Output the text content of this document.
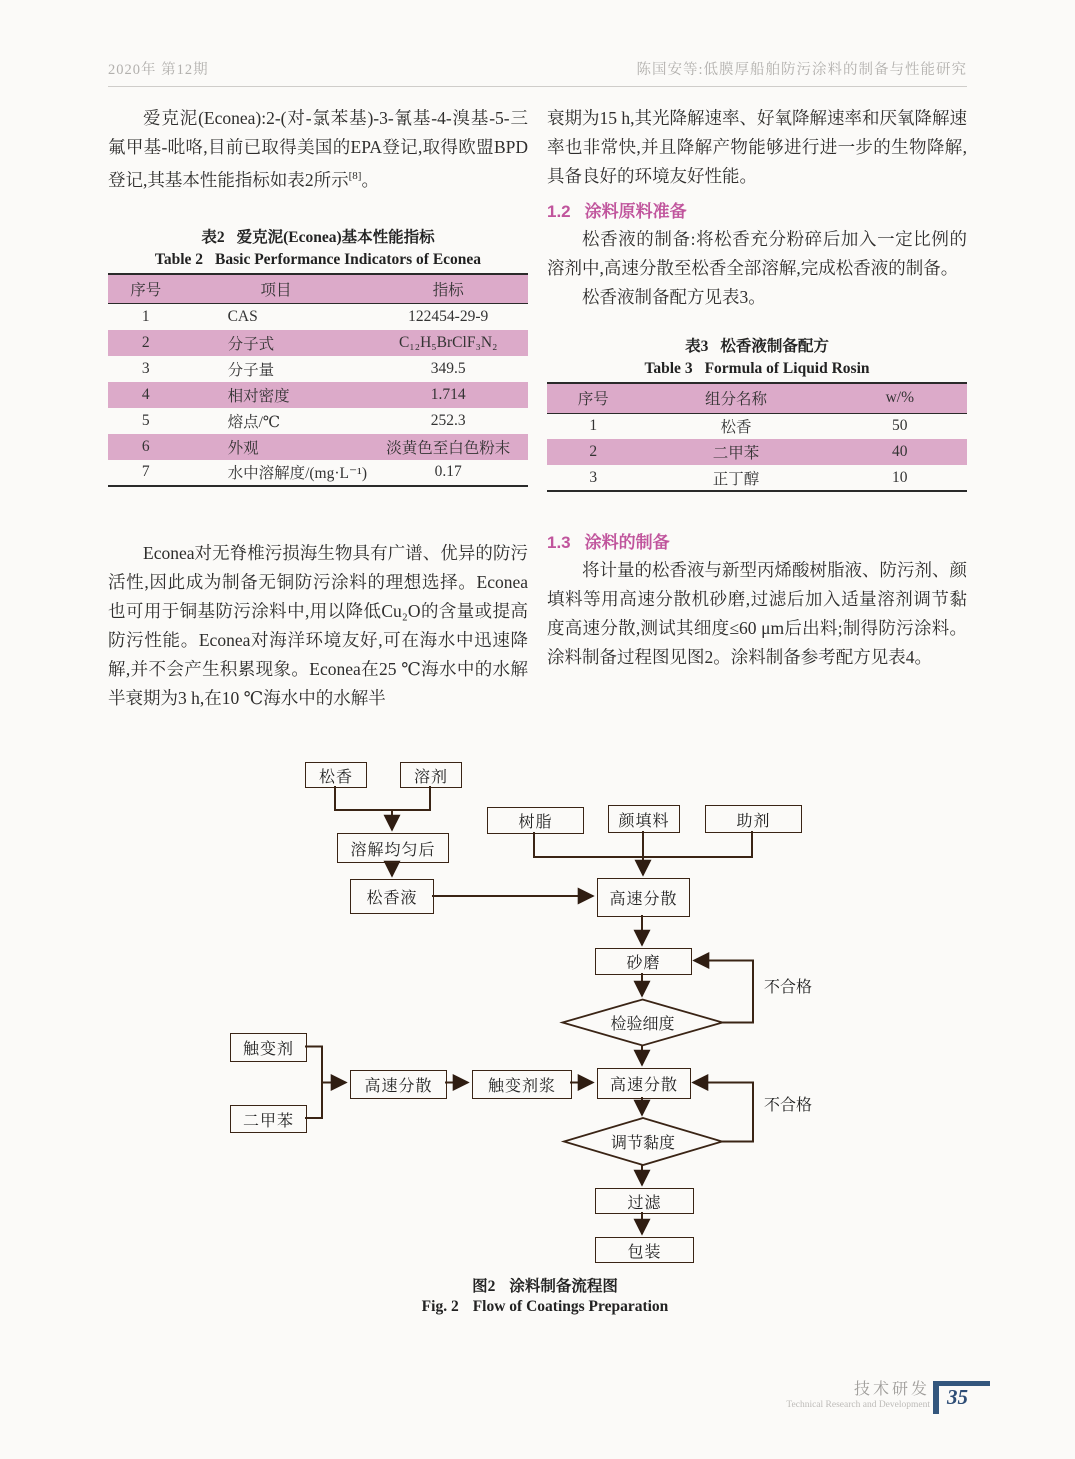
2020年 第12期	陈国安等:低膜厚船舶防污涂料的制备与性能研究

爱克泥(Econea):2-(对-氯苯基)-3-氰基-4-溴基-5-三氟甲基-吡咯,目前已取得美国的EPA登记,取得欧盟BPD登记,其基本性能指标如表2所示[8]。

表2 爱克泥(Econea)基本性能指标
Table 2 Basic Performance Indicators of Econea
序号	项目	指标
1	CAS	122454-29-9
2	分子式	C₁₂H₅BrClF₃N₂
3	分子量	349.5
4	相对密度	1.714
5	熔点/℃	252.3
6	外观	淡黄色至白色粉末
7	水中溶解度/(mg·L⁻¹)	0.17

Econea对无脊椎污损海生物具有广谱、优异的防污活性,因此成为制备无铜防污涂料的理想选择。Econea也可用于铜基防污涂料中,用以降低Cu₂O的含量或提高防污性能。Econea对海洋环境友好,可在海水中迅速降解,并不会产生积累现象。Econea在25 ℃海水中的水解半衰期为3 h,在10 ℃海水中的水解半

衰期为15 h,其光降解速率、好氧降解速率和厌氧降解速率也非常快,并且降解产物能够进行进一步的生物降解,具备良好的环境友好性能。

1.2 涂料原料准备

松香液的制备:将松香充分粉碎后加入一定比例的溶剂中,高速分散至松香全部溶解,完成松香液的制备。

松香液制备配方见表3。

表3 松香液制备配方
Table 3 Formula of Liquid Rosin
序号	组分名称	w/%
1	松香	50
2	二甲苯	40
3	正丁醇	10
1.3 涂料的制备

将计量的松香液与新型丙烯酸树脂液、防污剂、颜填料等用高速分散机砂磨,过滤后加入适量溶剂调节黏度高速分散,测试其细度≤60 μm后出料;制得防污涂料。涂料制备过程图见图2。涂料制备参考配方见表4。

松香	溶剂
溶解均匀后
松香液
树脂	颜填料	助剂
高速分散
砂磨
检验细度
高速分散
触变剂
二甲苯
高速分散	触变剂浆
调节黏度
过滤
包装
不合格
不合格
图2 涂料制备流程图
Fig. 2 Flow of Coatings Preparation
技术研发
Technical Research and Development 35
